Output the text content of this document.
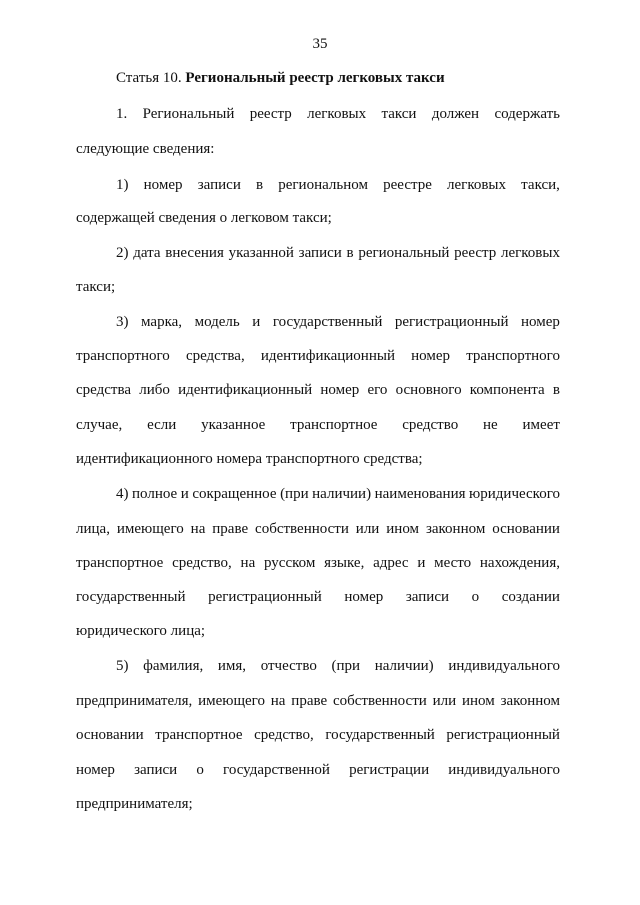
35
Статья 10. Региональный реестр легковых такси
1. Региональный реестр легковых такси должен содержать
следующие сведения:
1) номер записи в региональном реестре легковых такси,
содержащей сведения о легковом такси;
2) дата внесения указанной записи в региональный реестр легковых
такси;
3) марка, модель и государственный регистрационный номер
транспортного средства, идентификационный номер транспортного
средства либо идентификационный номер его основного компонента в
случае, если указанное транспортное средство не имеет
идентификационного номера транспортного средства;
4) полное и сокращенное (при наличии) наименования юридического
лица, имеющего на праве собственности или ином законном основании
транспортное средство, на русском языке, адрес и место нахождения,
государственный регистрационный номер записи о создании
юридического лица;
5) фамилия, имя, отчество (при наличии) индивидуального
предпринимателя, имеющего на праве собственности или ином законном
основании транспортное средство, государственный регистрационный
номер записи о государственной регистрации индивидуального
предпринимателя;
